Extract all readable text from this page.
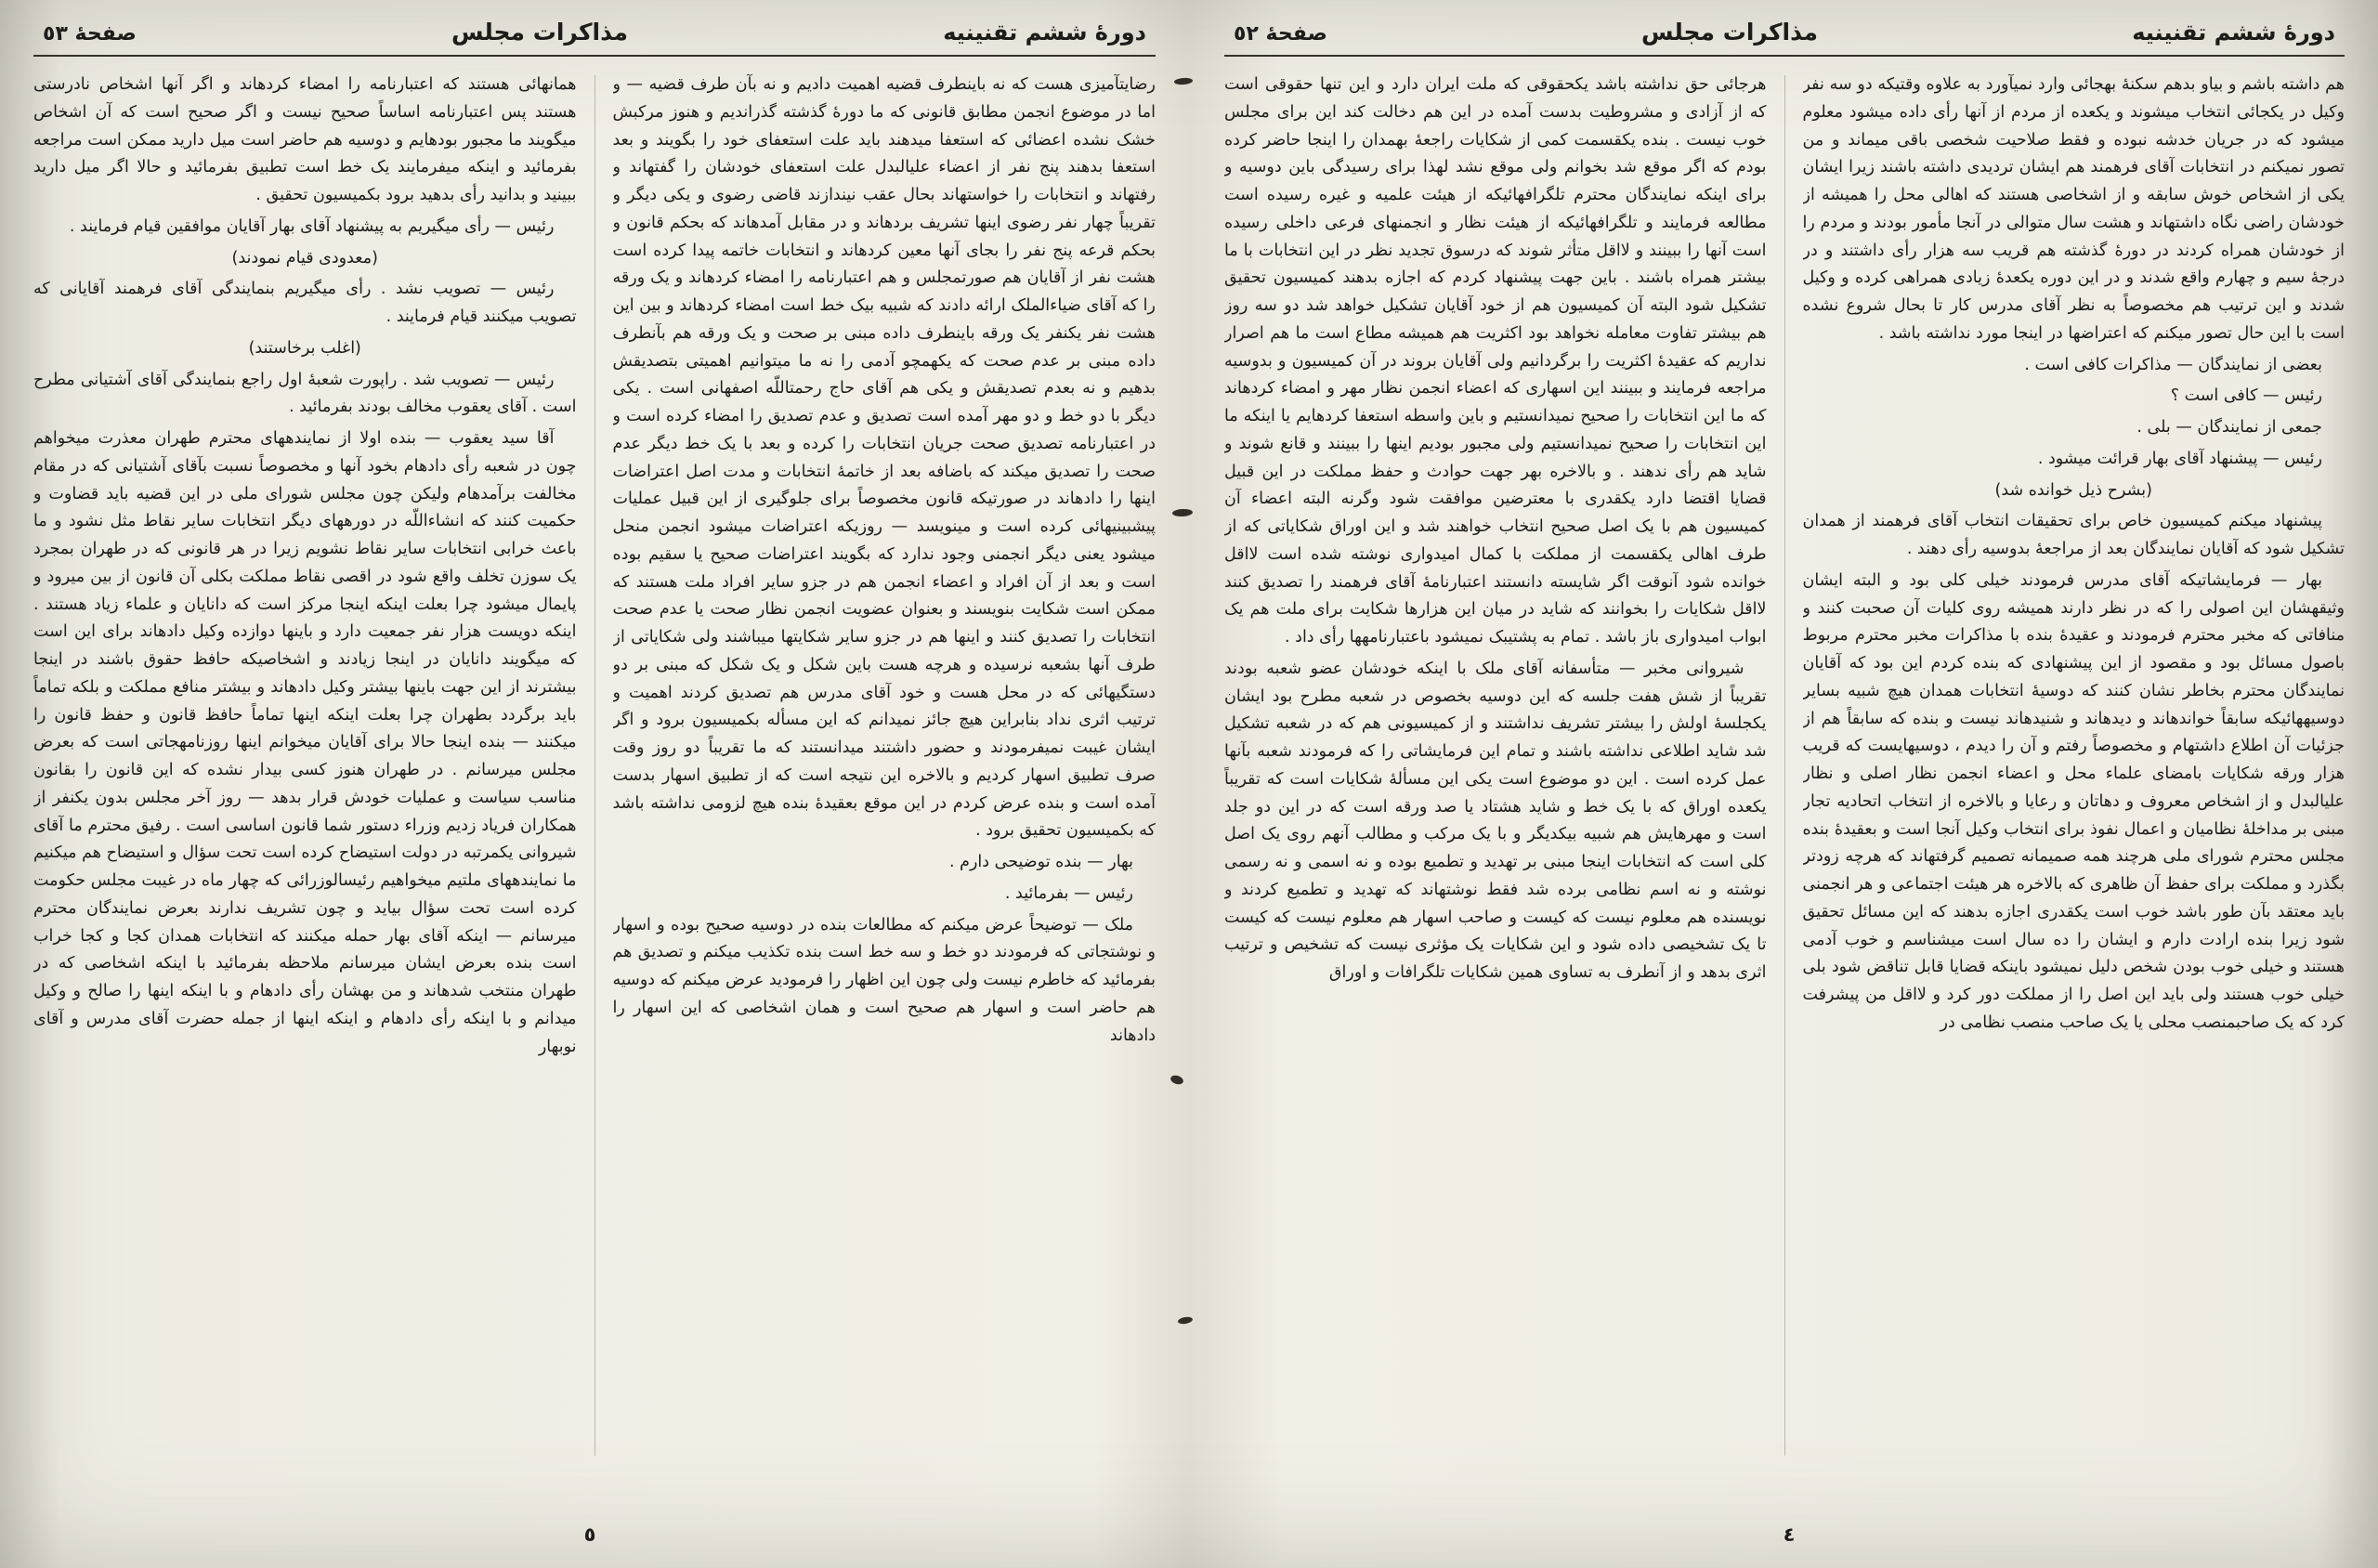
دورهٔ ششم تقنینیه
مذاکرات مجلس
صفحهٔ ٥٣

رضایتآمیزی هست که نه باینطرف قضیه اهمیت دادیم و نه بآن طرف قضیه — و اما در موضوع انجمن مطابق قانونی که ما دورهٔ گذشته گذراندیم و هنوز مرکبش خشک نشده اعضائی که استعفا میدهند باید علت استعفای خود را بگویند و بعد استعفا بدهند پنج نفر از اعضاء علیالبدل علت استعفای خودشان را گفتهاند و رفتهاند و انتخابات را خواستهاند بحال عقب نیندازند قاضی رضوی و یکی دیگر و تقریباً چهار نفر رضوی اینها تشریف بردهاند و در مقابل آمدهاند که بحکم قانون و بحکم قرعه پنج نفر را بجای آنها معین کردهاند و انتخابات خاتمه پیدا کرده است هشت نفر از آقایان هم صورتمجلس و هم اعتبارنامه را امضاء کردهاند و یک ورقه را که آقای ضیاءالملک ارائه دادند که شبیه بیک خط است امضاء کردهاند و بین این هشت نفر یکنفر یک ورقه باینطرف داده مبنی بر صحت و یک ورقه هم بآنطرف داده مبنی بر عدم صحت که یکهمچو آدمی را نه ما میتوانیم اهمیتی بتصدیقش بدهیم و نه بعدم تصدیقش و یکی هم آقای حاج رحمتاللّه اصفهانی است . یکی دیگر با دو خط و دو مهر آمده است تصدیق و عدم تصدیق را امضاء کرده است و در اعتبارنامه تصدیق صحت جریان انتخابات را کرده و بعد با یک خط دیگر عدم صحت را تصدیق میکند که باضافه بعد از خاتمهٔ انتخابات و مدت اصل اعتراضات اینها را دادهاند در صورتیکه قانون مخصوصاً برای جلوگیری از این قبیل عملیات پیشبینیهائی کرده است و مینویسد — روزیکه اعتراضات میشود انجمن منحل میشود یعنی دیگر انجمنی وجود ندارد که بگویند اعتراضات صحیح یا سقیم بوده است و بعد از آن افراد و اعضاء انجمن هم در جزو سایر افراد ملت هستند که ممکن است شکایت بنویسند و بعنوان عضویت انجمن نظار صحت یا عدم صحت انتخابات را تصدیق کنند و اینها هم در جزو سایر شکایتها میباشند ولی شکایاتی از طرف آنها بشعبه نرسیده و هرچه هست باین شکل و یک شکل که مبنی بر دو دستگیهائی که در محل هست و خود آقای مدرس هم تصدیق کردند اهمیت و ترتیب اثری نداد بنابراین هیچ جائز نمیدانم که این مسأله بکمیسیون برود و اگر ایشان غیبت نمیفرمودند و حضور داشتند میدانستند که ما تقریباً دو روز وقت صرف تطبیق اسهار کردیم و بالاخره این نتیجه است که از تطبیق اسهار بدست آمده است و بنده عرض کردم در این موقع بعقیدهٔ بنده هیچ لزومی نداشته باشد که بکمیسیون تحقیق برود .

بهار — بنده توضیحی دارم .

رئیس — بفرمائید .

ملک — توضیحاً عرض میکنم که مطالعات بنده در دوسیه صحیح بوده و اسهار و نوشتجاتی که فرمودند دو خط و سه خط است بنده تکذیب میکنم و تصدیق هم بفرمائید که خاطرم نیست ولی چون این اظهار را فرمودید عرض میکنم که دوسیه هم حاضر است و اسهار هم صحیح است و همان اشخاصی که این اسهار را دادهاند

همانهائی هستند که اعتبارنامه را امضاء کردهاند و اگر آنها اشخاص نادرستی هستند پس اعتبارنامه اساساً صحیح نیست و اگر صحیح است که آن اشخاص میگویند ما مجبور بودهایم و دوسیه هم حاضر است میل دارید ممکن است مراجعه بفرمائید و اینکه میفرمایند یک خط است تطبیق بفرمائید و حالا اگر میل دارید ببینید و بدانید رأی بدهید برود بکمیسیون تحقیق .

رئیس — رأی میگیریم به پیشنهاد آقای بهار آقایان موافقین قیام فرمایند .

(معدودی قیام نمودند)

رئیس — تصویب نشد . رأی میگیریم بنمایندگی آقای فرهمند آقایانی که تصویب میکنند قیام فرمایند .

(اغلب برخاستند)

رئیس — تصویب شد . راپورت شعبهٔ اول راجع بنمایندگی آقای آشتیانی مطرح است . آقای یعقوب مخالف بودند بفرمائید .

آقا سید یعقوب — بنده اولا از نمایندههای محترم طهران معذرت میخواهم چون در شعبه رأی دادهام بخود آنها و مخصوصاً نسبت بآقای آشتیانی که در مقام مخالفت برآمدهام ولیکن چون مجلس شورای ملی در این قضیه باید قضاوت و حکمیت کنند که انشاءاللّه در دورههای دیگر انتخابات سایر نقاط مثل نشود و ما باعث خرابی انتخابات سایر نقاط نشویم زیرا در هر قانونی که در طهران بمجرد یک سوزن تخلف واقع شود در اقصی نقاط مملکت بکلی آن قانون از بین میرود و پایمال میشود چرا بعلت اینکه اینجا مرکز است که دانایان و علماء زیاد هستند . اینکه دویست هزار نفر جمعیت دارد و باینها دوازده وکیل دادهاند برای این است که میگویند دانایان در اینجا زیادند و اشخاصیکه حافظ حقوق باشند در اینجا بیشترند از این جهت باینها بیشتر وکیل دادهاند و بیشتر منافع مملکت و بلکه تماماً باید برگردد بطهران چرا بعلت اینکه اینها تماماً حافظ قانون و حفظ قانون را میکنند — بنده اینجا حالا برای آقایان میخوانم اینها روزنامهجاتی است که بعرض مجلس میرسانم . در طهران هنوز کسی بیدار نشده که این قانون را بقانون مناسب سیاست و عملیات خودش قرار بدهد — روز آخر مجلس بدون یکنفر از همکاران فریاد زدیم وزراء دستور شما قانون اساسی است . رفیق محترم ما آقای شیروانی یکمرتبه در دولت استیضاح کرده است تحت سؤال و استیضاح هم میکنیم ما نمایندههای ملتیم میخواهیم رئیسالوزرائی که چهار ماه در غیبت مجلس حکومت کرده است تحت سؤال بیاید و چون تشریف ندارند بعرض نمایندگان محترم میرسانم — اینکه آقای بهار حمله میکنند که انتخابات همدان کجا و کجا خراب است بنده بعرض ایشان میرسانم ملاحظه بفرمائید با اینکه اشخاصی که در طهران منتخب شدهاند و من بهشان رأی دادهام و با اینکه اینها را صالح و وکیل میدانم و با اینکه رأی دادهام و اینکه اینها از جمله حضرت آقای مدرس و آقای نوبهار

٥
دورهٔ ششم تقنینیه
مذاکرات مجلس
صفحهٔ ٥٢

هم داشته باشم و بیاو بدهم سکنهٔ بهجائی وارد نمیآورد به علاوه وقتیکه دو سه نفر وکیل در یکجائی انتخاب میشوند و یکعده از مردم از آنها رأی داده میشود معلوم میشود که در جریان خدشه نبوده و فقط صلاحیت شخصی باقی میماند و من تصور نمیکنم در انتخابات آقای فرهمند هم ایشان تردیدی داشته باشند زیرا ایشان یکی از اشخاص خوش سابقه و از اشخاصی هستند که اهالی محل را همیشه از خودشان راضی نگاه داشتهاند و هشت سال متوالی در آنجا مأمور بودند و مردم را از خودشان همراه کردند در دورهٔ گذشته هم قریب سه هزار رأی داشتند و در درجهٔ سیم و چهارم واقع شدند و در این دوره یکعدهٔ زیادی همراهی کرده و وکیل شدند و این ترتیب هم مخصوصاً به نظر آقای مدرس کار تا بحال شروع نشده است با این حال تصور میکنم که اعتراضها در اینجا مورد نداشته باشد .

بعضی از نمایندگان — مذاکرات کافی است .

رئیس — کافی است ؟

جمعی از نمایندگان — بلی .

رئیس — پیشنهاد آقای بهار قرائت میشود .

(بشرح ذیل خوانده شد)

پیشنهاد میکنم کمیسیون خاص برای تحقیقات انتخاب آقای فرهمند از همدان تشکیل شود که آقایان نمایندگان بعد از مراجعهٔ بدوسیه رأی دهند .

بهار — فرمایشاتیکه آقای مدرس فرمودند خیلی کلی بود و البته ایشان وثیقهشان این اصولی را که در نظر دارند همیشه روی کلیات آن صحبت کنند و منافاتی که مخبر محترم فرمودند و عقیدهٔ بنده با مذاکرات مخبر محترم مربوط باصول مسائل بود و مقصود از این پیشنهادی که بنده کردم این بود که آقایان نمایندگان محترم بخاطر نشان کنند که دوسیهٔ انتخابات همدان هیچ شبیه بسایر دوسیههائیکه سابقاً خواندهاند و دیدهاند و شنیدهاند نیست و بنده که سابقاً هم از جزئیات آن اطلاع داشتهام و مخصوصاً رفتم و آن را دیدم ، دوسیهایست که قریب هزار ورقه شکایات بامضای علماء محل و اعضاء انجمن نظار اصلی و نظار علیالبدل و از اشخاص معروف و دهاتان و رعایا و بالاخره از انتخاب اتحادیه تجار مبنی بر مداخلهٔ نظامیان و اعمال نفوذ برای انتخاب وکیل آنجا است و بعقیدهٔ بنده مجلس محترم شورای ملی هرچند همه صمیمانه تصمیم گرفتهاند که هرچه زودتر بگذرد و مملکت برای حفظ آن ظاهری که بالاخره هر هیئت اجتماعی و هر انجمنی باید معتقد بآن طور باشد خوب است یکقدری اجازه بدهند که این مسائل تحقیق شود زیرا بنده ارادت دارم و ایشان را ده سال است میشناسم و خوب آدمی هستند و خیلی خوب بودن شخص دلیل نمیشود باینکه قضایا قابل تناقض شود بلی خیلی خوب هستند ولی باید این اصل را از مملکت دور کرد و لااقل من پیشرفت کرد که یک صاحبمنصب محلی یا یک صاحب منصب نظامی در

هرجائی حق نداشته باشد یکحقوقی که ملت ایران دارد و این تنها حقوقی است که از آزادی و مشروطیت بدست آمده در این هم دخالت کند این برای مجلس خوب نیست . بنده یکقسمت کمی از شکایات راجعهٔ بهمدان را اینجا حاضر کرده بودم که اگر موقع شد بخوانم ولی موقع نشد لهذا برای رسیدگی باین دوسیه و برای اینکه نمایندگان محترم تلگرافهائیکه از هیئت علمیه و غیره رسیده است مطالعه فرمایند و تلگرافهائیکه از هیئت نظار و انجمنهای فرعی داخلی رسیده است آنها را ببینند و لااقل متأثر شوند که درسوق تجدید نظر در این انتخابات با ما بیشتر همراه باشند . باین جهت پیشنهاد کردم که اجازه بدهند کمیسیون تحقیق تشکیل شود البته آن کمیسیون هم از خود آقایان تشکیل خواهد شد دو سه روز هم بیشتر تفاوت معامله نخواهد بود اکثریت هم همیشه مطاع است ما هم اصرار نداریم که عقیدهٔ اکثریت را برگردانیم ولی آقایان بروند در آن کمیسیون و بدوسیه مراجعه فرمایند و ببینند این اسهاری که اعضاء انجمن نظار مهر و امضاء کردهاند که ما این انتخابات را صحیح نمیدانستیم و باین واسطه استعفا کردهایم یا اینکه ما این انتخابات را صحیح نمیدانستیم ولی مجبور بودیم اینها را ببینند و قانع شوند و شاید هم رأی ندهند . و بالاخره بهر جهت حوادث و حفظ مملکت در این قبیل قضایا اقتضا دارد یکقدری با معترضین موافقت شود وگرنه البته اعضاء آن کمیسیون هم با یک اصل صحیح انتخاب خواهند شد و این اوراق شکایاتی که از طرف اهالی یکقسمت از مملکت با کمال امیدواری نوشته شده است لااقل خوانده شود آنوقت اگر شایسته دانستند اعتبارنامهٔ آقای فرهمند را تصدیق کنند لااقل شکایات را بخوانند که شاید در میان این هزارها شکایت برای ملت هم یک ابواب امیدواری باز باشد . تمام به پشتیبک نمیشود باعتبارنامهها رأی داد .

شیروانی مخبر — متأسفانه آقای ملک با اینکه خودشان عضو شعبه بودند تقریباً از شش هفت جلسه که این دوسیه بخصوص در شعبه مطرح بود ایشان یکجلسهٔ اولش را بیشتر تشریف نداشتند و از کمیسیونی هم که در شعبه تشکیل شد شاید اطلاعی نداشته باشند و تمام این فرمایشاتی را که فرمودند شعبه بآنها عمل کرده است . این دو موضوع است یکی این مسألهٔ شکایات است که تقریباً یکعده اوراق که با یک خط و شاید هشتاد یا صد ورقه است که در این دو جلد است و مهرهایش هم شبیه بیکدیگر و با یک مرکب و مطالب آنهم روی یک اصل کلی است که انتخابات اینجا مبنی بر تهدید و تطمیع بوده و نه اسمی و نه رسمی نوشته و نه اسم نظامی برده شد فقط نوشتهاند که تهدید و تطمیع کردند و نویسنده هم معلوم نیست که کیست و صاحب اسهار هم معلوم نیست که کیست تا یک تشخیصی داده شود و این شکایات یک مؤثری نیست که تشخیص و ترتیب اثری بدهد و از آنطرف به تساوی همین شکایات تلگرافات و اوراق

٤
